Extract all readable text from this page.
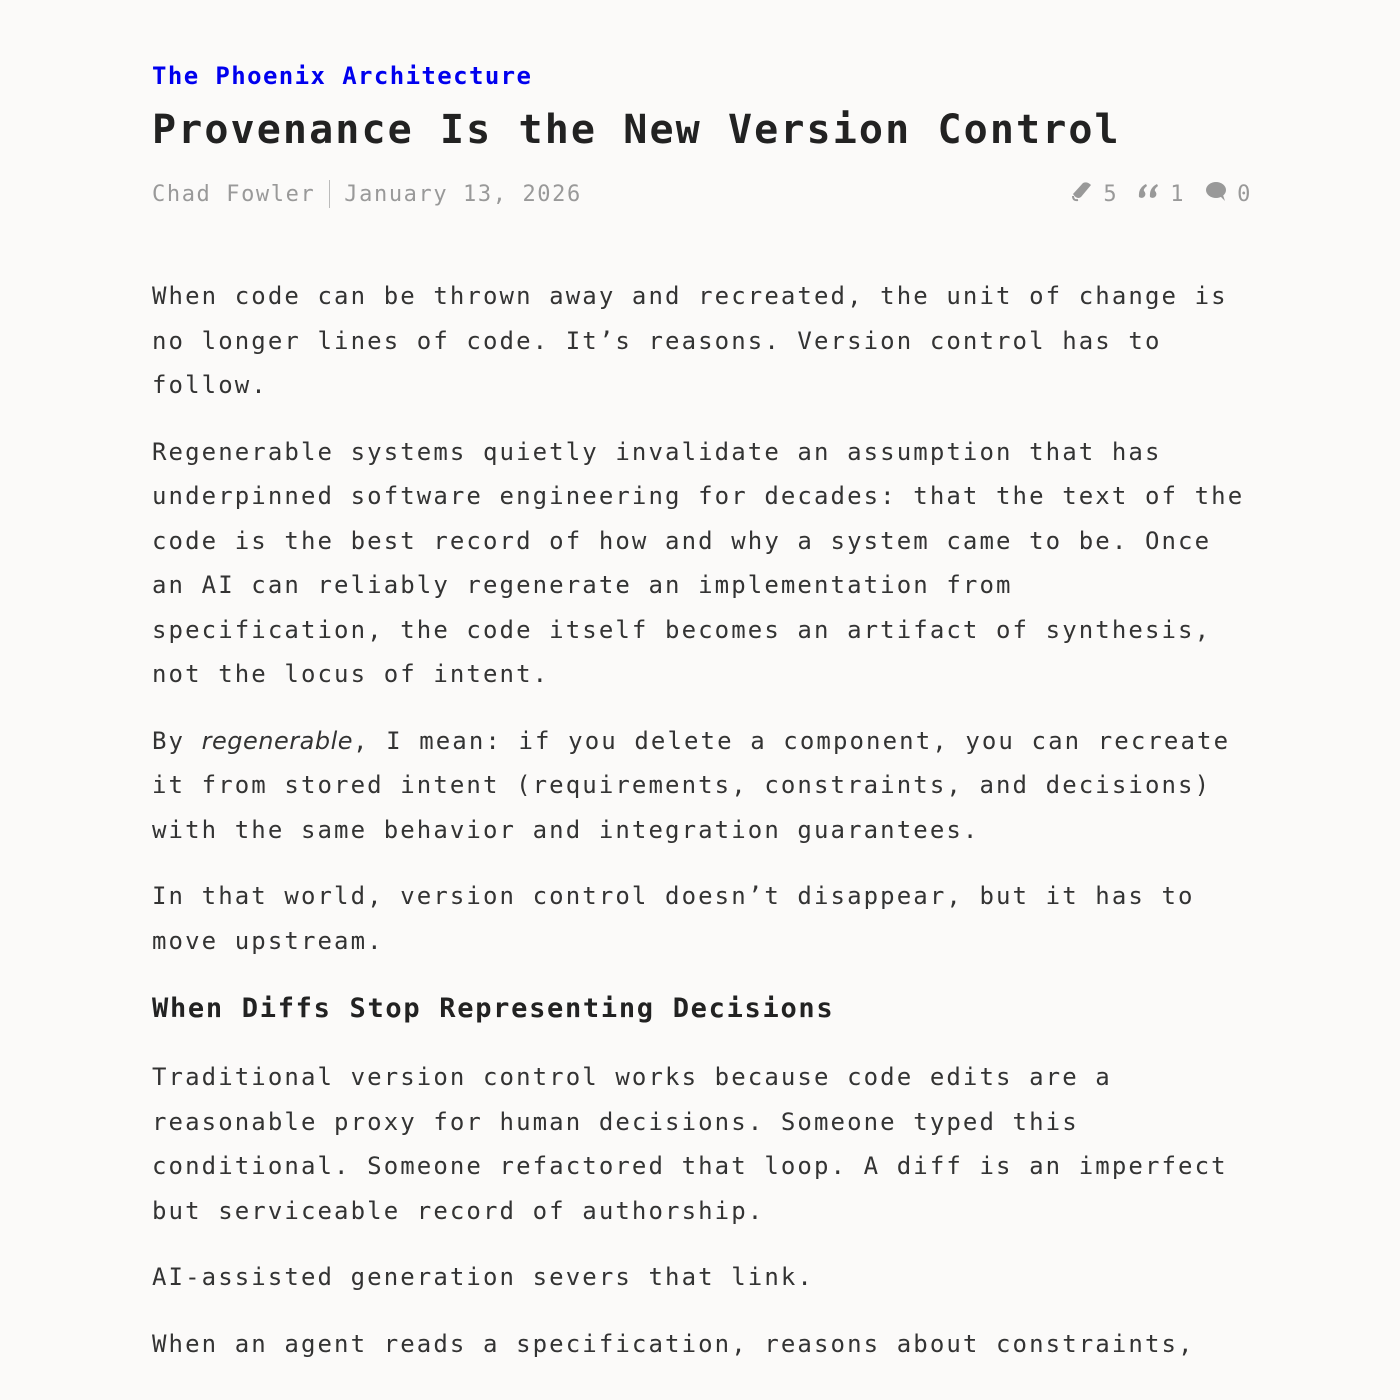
The Phoenix Architecture
Provenance Is the New Version Control
Chad Fowler January 13, 2026	5 1 0

When code can be thrown away and recreated, the unit of change is no longer lines of code. It’s reasons. Version control has to follow.

Regenerable systems quietly invalidate an assumption that has underpinned software engineering for decades: that the text of the code is the best record of how and why a system came to be. Once an AI can reliably regenerate an implementation from specification, the code itself becomes an artifact of synthesis, not the locus of intent.

By regenerable, I mean: if you delete a component, you can recreate it from stored intent (requirements, constraints, and decisions) with the same behavior and integration guarantees.

In that world, version control doesn’t disappear, but it has to move upstream.

When Diffs Stop Representing Decisions

Traditional version control works because code edits are a reasonable proxy for human decisions. Someone typed this conditional. Someone refactored that loop. A diff is an imperfect but serviceable record of authorship.

AI-assisted generation severs that link.

When an agent reads a specification, reasons about constraints,
